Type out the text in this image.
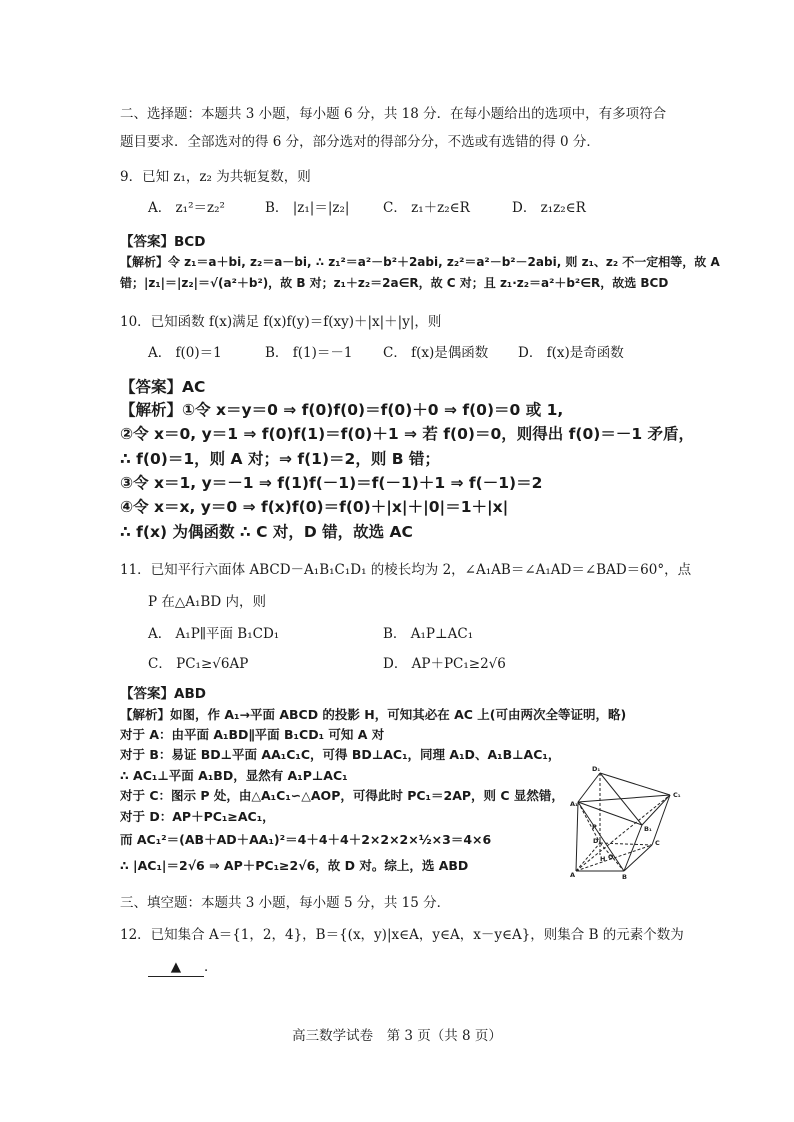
二、选择题：本题共 3 小题，每小题 6 分，共 18 分．在每小题给出的选项中，有多项符合
题目要求．全部选对的得 6 分，部分选对的得部分分，不选或有选错的得 0 分．
9．已知 z₁，z₂ 为共轭复数，则
A． z₁²＝z₂²	B． |z₁|＝|z₂| C． z₁＋z₂∈R	D． z₁z₂∈R
【答案】BCD
【解析】令 z₁＝a＋bi, z₂＝a－bi, ∴ z₁²＝a²－b²＋2abi, z₂²＝a²－b²－2abi, 则 z₁、z₂ 不一定相等，故 A
错；|z₁|＝|z₂|＝√(a²＋b²)，故 B 对；z₁＋z₂＝2a∈R，故 C 对；且 z₁·z₂＝a²＋b²∈R，故选 BCD
10．已知函数 f(x)满足 f(x)f(y)＝f(xy)＋|x|＋|y|，则
A． f(0)＝1	B． f(1)＝－1 C． f(x)是偶函数 D． f(x)是奇函数
【答案】AC
【解析】①令 x＝y＝0 ⇒ f(0)f(0)＝f(0)＋0 ⇒ f(0)＝0 或 1,
②令 x＝0, y＝1 ⇒ f(0)f(1)＝f(0)＋1 ⇒ 若 f(0)＝0，则得出 f(0)＝－1 矛盾，
∴ f(0)＝1，则 A 对；⇒ f(1)＝2，则 B 错；
③令 x＝1, y＝－1 ⇒ f(1)f(－1)＝f(－1)＋1 ⇒ f(－1)＝2
④令 x＝x, y＝0 ⇒ f(x)f(0)＝f(0)＋|x|＋|0|＝1＋|x|
∴ f(x) 为偶函数 ∴ C 对，D 错，故选 AC
11．已知平行六面体 ABCD－A₁B₁C₁D₁ 的棱长均为 2，∠A₁AB＝∠A₁AD＝∠BAD＝60°，点
P 在△A₁BD 内，则
A． A₁P∥平面 B₁CD₁	B． A₁P⊥AC₁
C． PC₁≥√6AP	D． AP＋PC₁≥2√6
【答案】ABD
【解析】如图，作 A₁→平面 ABCD 的投影 H，可知其必在 AC 上(可由两次全等证明，略)
对于 A：由平面 A₁BD∥平面 B₁CD₁ 可知 A 对
对于 B：易证 BD⊥平面 AA₁C₁C，可得 BD⊥AC₁，同理 A₁D、A₁B⊥AC₁，
∴ AC₁⊥平面 A₁BD，显然有 A₁P⊥AC₁
对于 C：图示 P 处，由△A₁C₁∽△AOP，可得此时 PC₁＝2AP，则 C 显然错，
对于 D：AP＋PC₁≥AC₁，
而 AC₁²＝(AB＋AD＋AA₁)²＝4＋4＋4＋2×2×2×½×3＝4×6
∴ |AC₁|＝2√6 ⇒ AP＋PC₁≥2√6，故 D 对。综上，选 ABD
D₁
C₁
A₁
B₁
P
O
H
D	C
A	B
三、填空题：本题共 3 小题，每小题 5 分，共 15 分．
12．已知集合 A＝{1，2，4}，B＝{(x，y)|x∈A，y∈A，x－y∈A}，则集合 B 的元素个数为
▲ ．
高三数学试卷　第 3 页（共 8 页）
